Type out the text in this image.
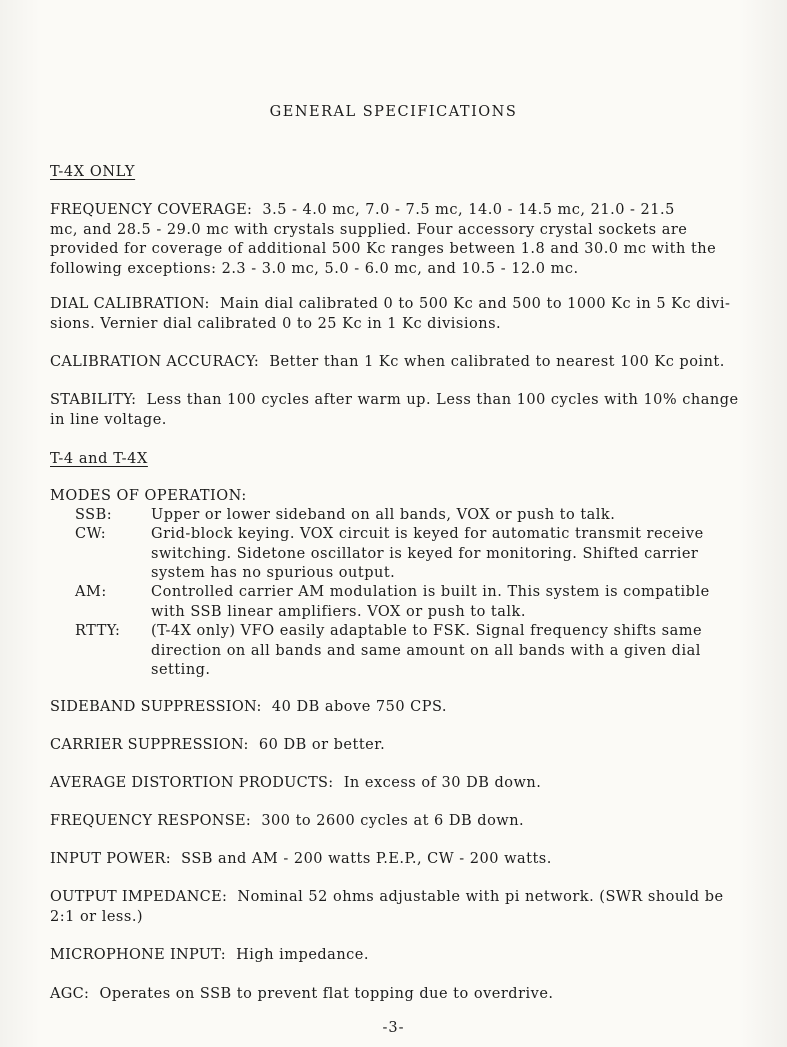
GENERAL SPECIFICATIONS
T-4X ONLY
FREQUENCY COVERAGE: 3.5 - 4.0 mc, 7.0 - 7.5 mc, 14.0 - 14.5 mc, 21.0 - 21.5
mc, and 28.5 - 29.0 mc with crystals supplied. Four accessory crystal sockets are
provided for coverage of additional 500 Kc ranges between 1.8 and 30.0 mc with the
following exceptions: 2.3 - 3.0 mc, 5.0 - 6.0 mc, and 10.5 - 12.0 mc.
DIAL CALIBRATION: Main dial calibrated 0 to 500 Kc and 500 to 1000 Kc in 5 Kc divi-
sions. Vernier dial calibrated 0 to 25 Kc in 1 Kc divisions.
CALIBRATION ACCURACY: Better than 1 Kc when calibrated to nearest 100 Kc point.
STABILITY: Less than 100 cycles after warm up. Less than 100 cycles with 10% change
in line voltage.
T-4 and T-4X
MODES OF OPERATION:
SSB:	Upper or lower sideband on all bands, VOX or push to talk.
CW:	Grid-block keying. VOX circuit is keyed for automatic transmit receive
switching. Sidetone oscillator is keyed for monitoring. Shifted carrier
system has no spurious output.
AM:	Controlled carrier AM modulation is built in. This system is compatible
with SSB linear amplifiers. VOX or push to talk.
RTTY: (T-4X only) VFO easily adaptable to FSK. Signal frequency shifts same
direction on all bands and same amount on all bands with a given dial
setting.
SIDEBAND SUPPRESSION: 40 DB above 750 CPS.
CARRIER SUPPRESSION: 60 DB or better.
AVERAGE DISTORTION PRODUCTS: In excess of 30 DB down.
FREQUENCY RESPONSE: 300 to 2600 cycles at 6 DB down.
INPUT POWER: SSB and AM - 200 watts P.E.P., CW - 200 watts.
OUTPUT IMPEDANCE: Nominal 52 ohms adjustable with pi network. (SWR should be
2:1 or less.)
MICROPHONE INPUT: High impedance.
AGC: Operates on SSB to prevent flat topping due to overdrive.
-3-
